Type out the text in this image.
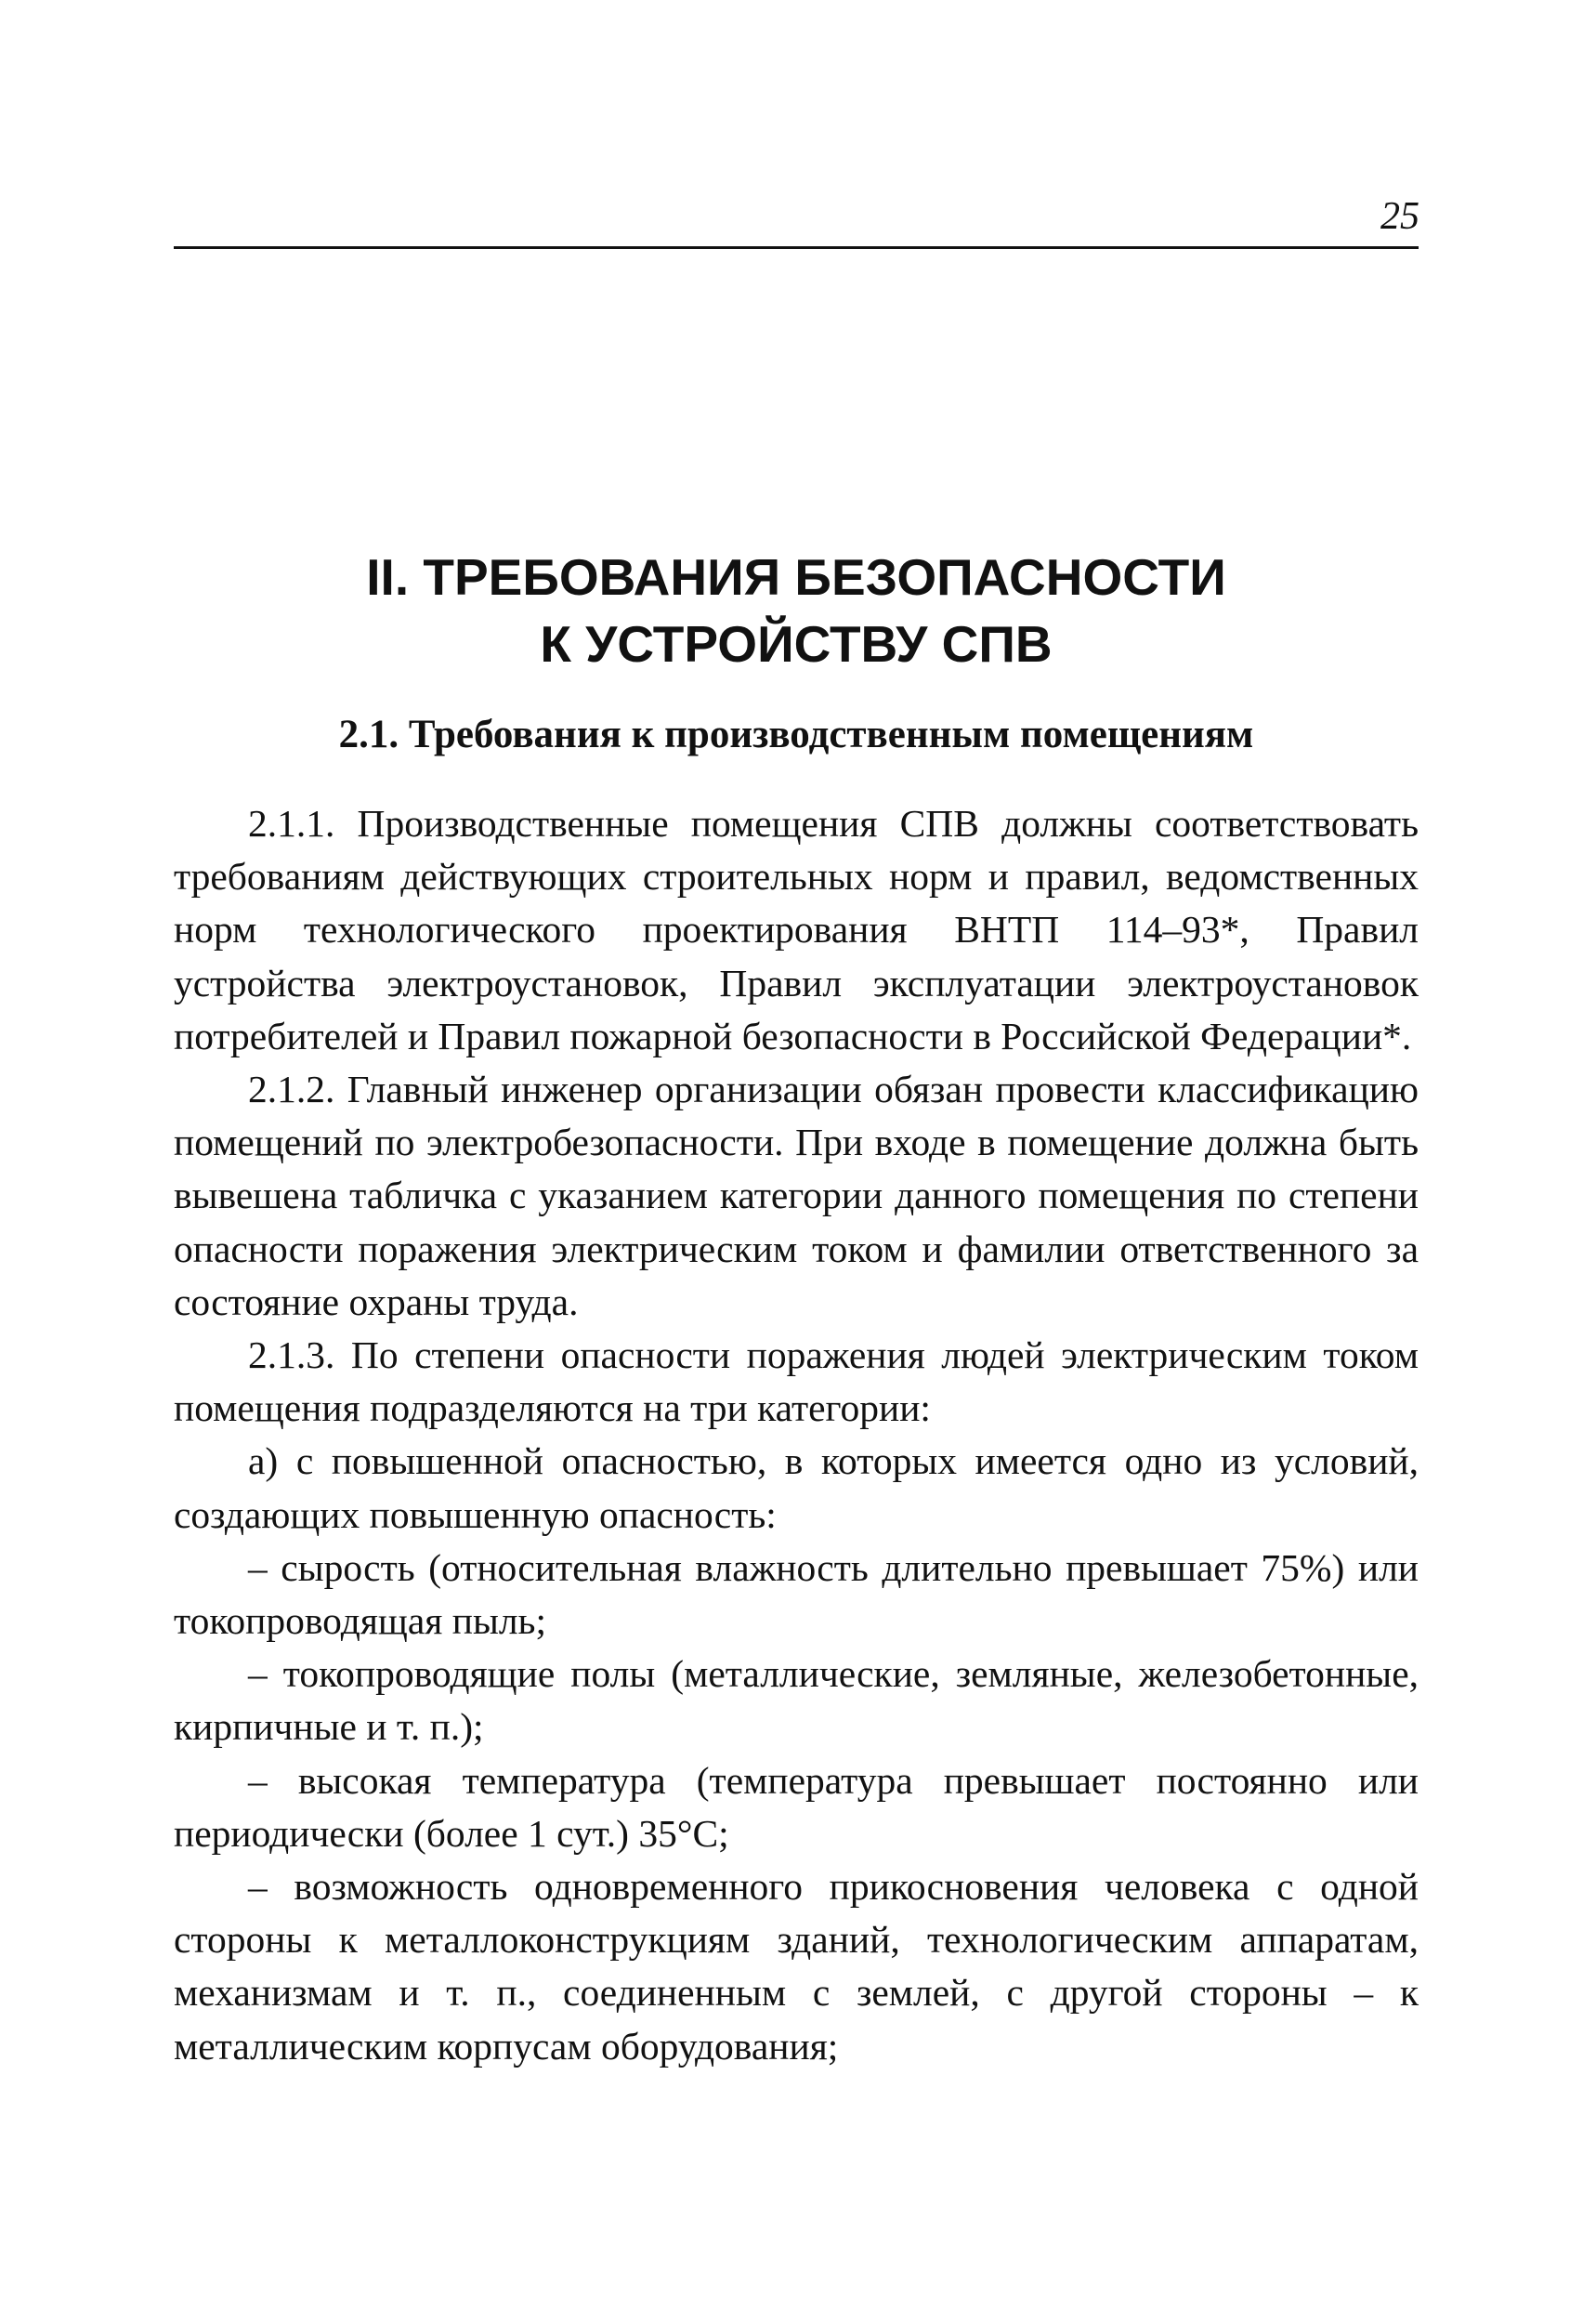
25
II. ТРЕБОВАНИЯ БЕЗОПАСНОСТИ
К УСТРОЙСТВУ СПВ
2.1. Требования к производственным помещениям

2.1.1. Производственные помещения СПВ должны соответствовать требованиям действующих строительных норм и правил, ведомственных норм технологического проектирования ВНТП 114–93*, Правил устройства электроустановок, Правил эксплуатации электроустановок потребителей и Правил пожарной безопасности в Российской Федерации*.

2.1.2. Главный инженер организации обязан провести классификацию помещений по электробезопасности. При входе в помещение должна быть вывешена табличка с указанием категории данного помещения по степени опасности поражения электрическим током и фамилии ответственного за состояние охраны труда.

2.1.3. По степени опасности поражения людей электрическим током помещения подразделяются на три категории:

а) с повышенной опасностью, в которых имеется одно из условий, создающих повышенную опасность:

– сырость (относительная влажность длительно превышает 75%) или токопроводящая пыль;

– токопроводящие полы (металлические, земляные, железобетонные, кирпичные и т. п.);

– высокая температура (температура превышает постоянно или периодически (более 1 сут.) 35°С;

– возможность одновременного прикосновения человека с одной стороны к металлоконструкциям зданий, технологическим аппаратам, механизмам и т. п., соединенным с землей, с другой стороны – к металлическим корпусам оборудования;
